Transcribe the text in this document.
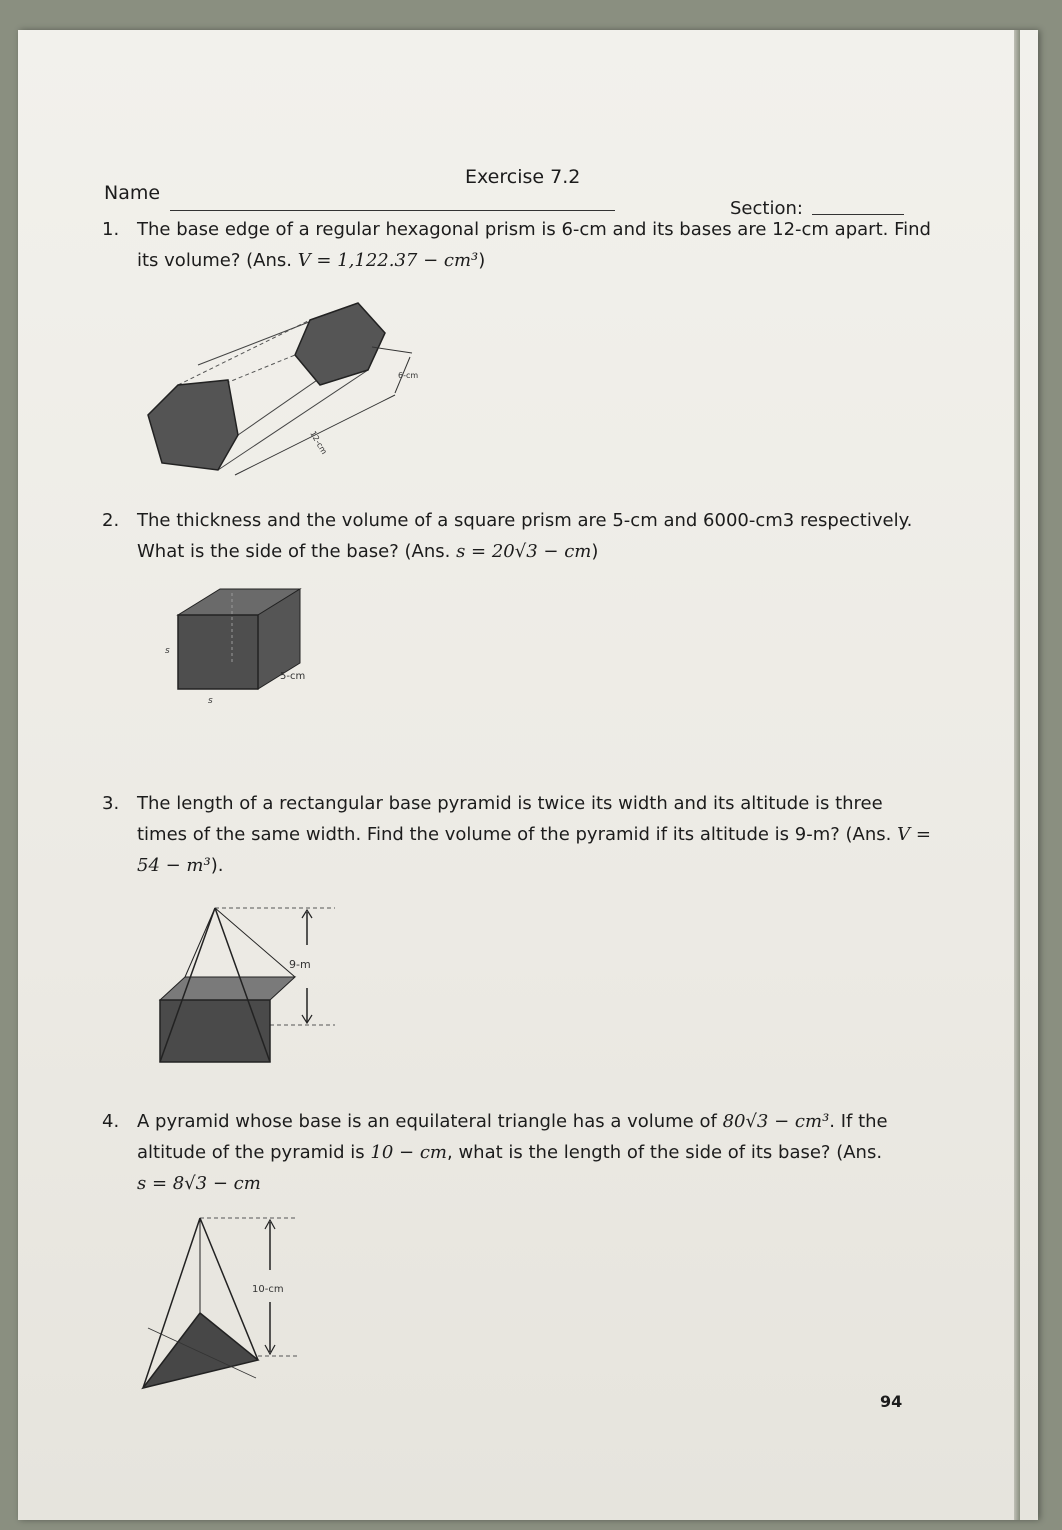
Exercise 7.2
Name
Section:
1. The base edge of a regular hexagonal prism is 6-cm and its bases are 12-cm apart. Find its volume? (Ans. V = 1,122.37 − cm³)
6-cm
12-cm
2. The thickness and the volume of a square prism are 5-cm and 6000-cm3 respectively. What is the side of the base? (Ans. s = 20√3 − cm)
s
s
5-cm
3. The length of a rectangular base pyramid is twice its width and its altitude is three times of the same width. Find the volume of the pyramid if its altitude is 9-m? (Ans. V = 54 − m³).
9-m
4. A pyramid whose base is an equilateral triangle has a volume of 80√3 − cm³. If the altitude of the pyramid is 10 − cm, what is the length of the side of its base? (Ans.
s = 8√3 − cm
10-cm
94
